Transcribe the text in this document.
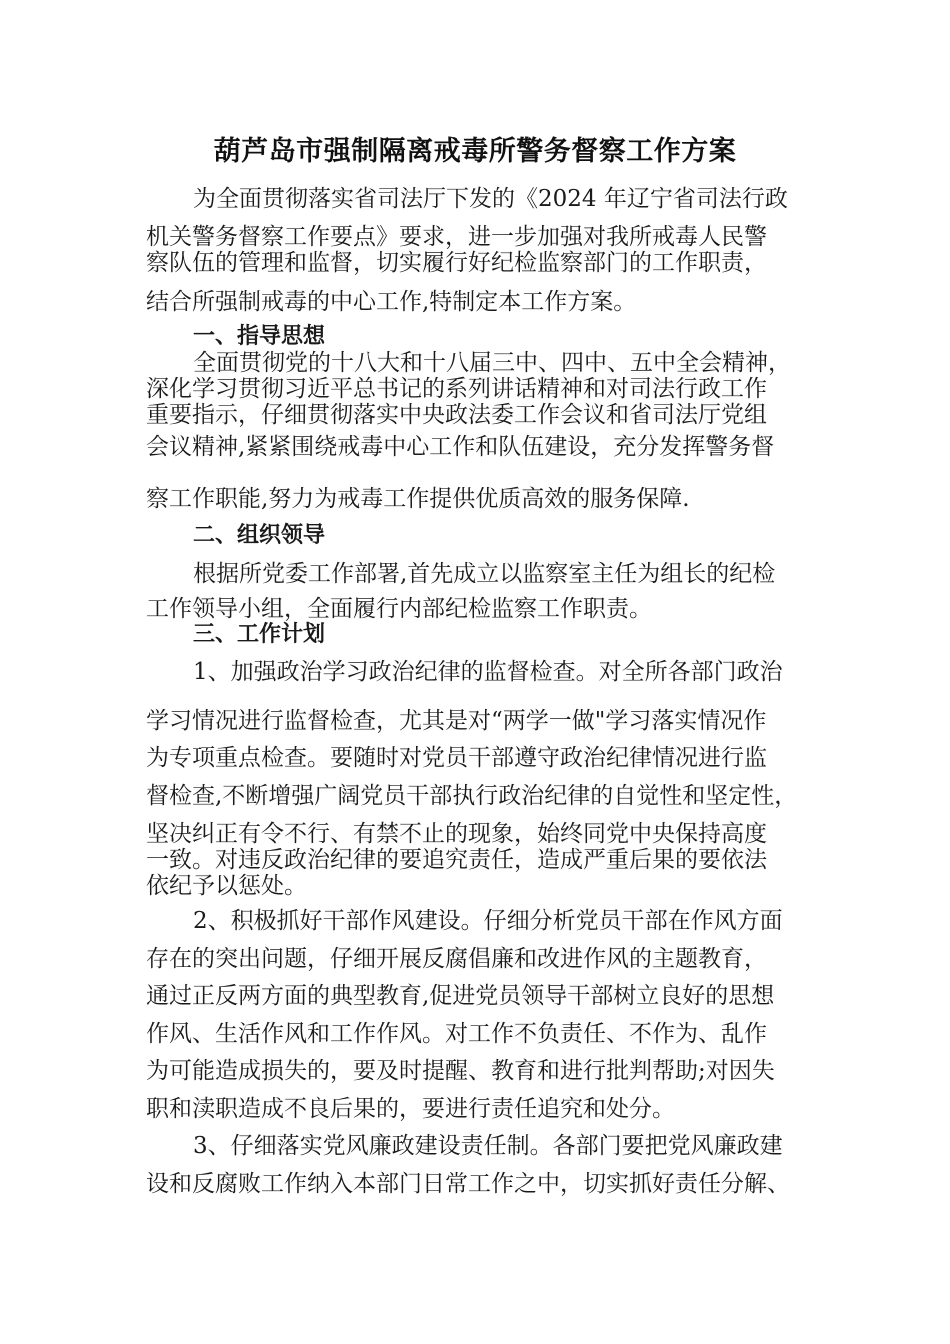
葫芦岛市强制隔离戒毒所警务督察工作方案
为全面贯彻落实省司法厅下发的《2024 年辽宁省司法行政
机关警务督察工作要点》要求，进一步加强对我所戒毒人民警
察队伍的管理和监督，切实履行好纪检监察部门的工作职责，
结合所强制戒毒的中心工作,特制定本工作方案。
一、指导思想
全面贯彻党的十八大和十八届三中、四中、五中全会精神，
深化学习贯彻习近平总书记的系列讲话精神和对司法行政工作
重要指示，仔细贯彻落实中央政法委工作会议和省司法厅党组
会议精神,紧紧围绕戒毒中心工作和队伍建设，充分发挥警务督
察工作职能,努力为戒毒工作提供优质高效的服务保障.
二、组织领导
根据所党委工作部署,首先成立以监察室主任为组长的纪检
工作领导小组，全面履行内部纪检监察工作职责。
三、工作计划
1、加强政治学习政治纪律的监督检查。对全所各部门政治
学习情况进行监督检查，尤其是对“两学一做"学习落实情况作
为专项重点检查。要随时对党员干部遵守政治纪律情况进行监
督检查,不断增强广阔党员干部执行政治纪律的自觉性和坚定性，
坚决纠正有令不行、有禁不止的现象，始终同党中央保持高度
一致。对违反政治纪律的要追究责任，造成严重后果的要依法
依纪予以惩处。
2、积极抓好干部作风建设。仔细分析党员干部在作风方面
存在的突出问题，仔细开展反腐倡廉和改进作风的主题教育，
通过正反两方面的典型教育,促进党员领导干部树立良好的思想
作风、生活作风和工作作风。对工作不负责任、不作为、乱作
为可能造成损失的，要及时提醒、教育和进行批判帮助;对因失
职和渎职造成不良后果的，要进行责任追究和处分。
3、仔细落实党风廉政建设责任制。各部门要把党风廉政建
设和反腐败工作纳入本部门日常工作之中，切实抓好责任分解、
